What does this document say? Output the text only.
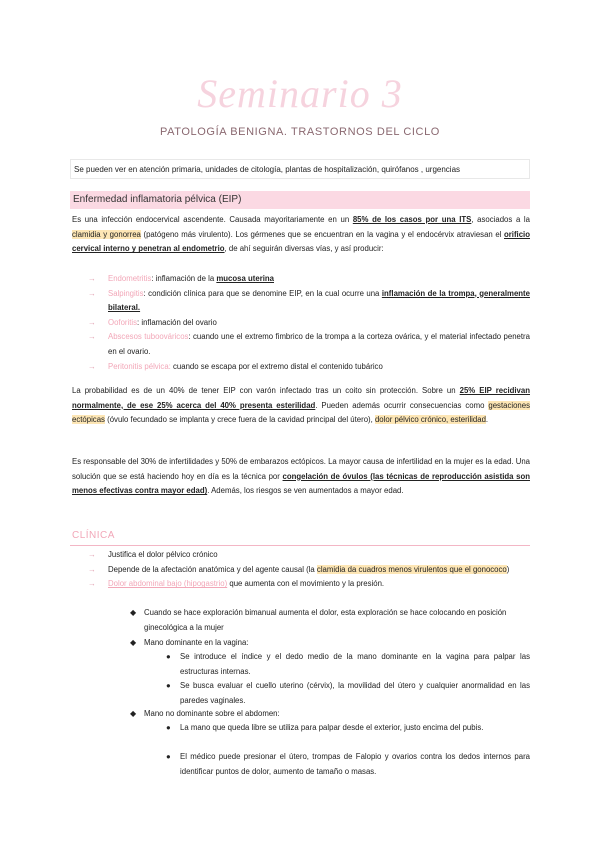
Seminario 3
PATOLOGÍA BENIGNA. TRASTORNOS DEL CICLO
Se pueden ver en atención primaria, unidades de citología, plantas de hospitalización, quirófanos , urgencias
Enfermedad inflamatoria pélvica (EIP)
Es una infección endocervical ascendente. Causada mayoritariamente en un 85% de los casos por una ITS, asociados a la clamidia y gonorrea (patógeno más virulento). Los gérmenes que se encuentran en la vagina y el endocérvix atraviesan el orificio cervical interno y penetran al endometrio, de ahí seguirán diversas vías, y así producir:
→ Endometritis: inflamación de la mucosa uterina
→ Salpingitis: condición clínica para que se denomine EIP, en la cual ocurre una inflamación de la trompa, generalmente bilateral.
→ Ooforitis: inflamación del ovario
→ Abscesos tuboováricos: cuando une el extremo fimbrico de la trompa a la corteza ovárica, y el material infectado penetra en el ovario.
→ Peritonitis pélvica: cuando se escapa por el extremo distal el contenido tubárico
La probabilidad es de un 40% de tener EIP con varón infectado tras un coito sin protección. Sobre un 25% EIP recidivan normalmente, de ese 25% acerca del 40% presenta esterilidad. Pueden además ocurrir consecuencias como gestaciones ectópicas (óvulo fecundado se implanta y crece fuera de la cavidad principal del útero), dolor pélvico crónico, esterilidad.
Es responsable del 30% de infertilidades y 50% de embarazos ectópicos. La mayor causa de infertilidad en la mujer es la edad. Una solución que se está haciendo hoy en día es la técnica por congelación de óvulos (las técnicas de reproducción asistida son menos efectivas contra mayor edad). Además, los riesgos se ven aumentados a mayor edad.
CLÍNICA
→ Justifica el dolor pélvico crónico
→ Depende de la afectación anatómica y del agente causal (la clamidia da cuadros menos virulentos que el gonococo)
→ Dolor abdominal bajo (hipogastrio) que aumenta con el movimiento y la presión.
◆ Cuando se hace exploración bimanual aumenta el dolor, esta exploración se hace colocando en posición ginecológica a la mujer
◆ Mano dominante en la vagina:
● Se introduce el índice y el dedo medio de la mano dominante en la vagina para palpar las estructuras internas.
● Se busca evaluar el cuello uterino (cérvix), la movilidad del útero y cualquier anormalidad en las paredes vaginales.
◆ Mano no dominante sobre el abdomen:
● La mano que queda libre se utiliza para palpar desde el exterior, justo encima del pubis.
● El médico puede presionar el útero, trompas de Falopio y ovarios contra los dedos internos para identificar puntos de dolor, aumento de tamaño o masas.
